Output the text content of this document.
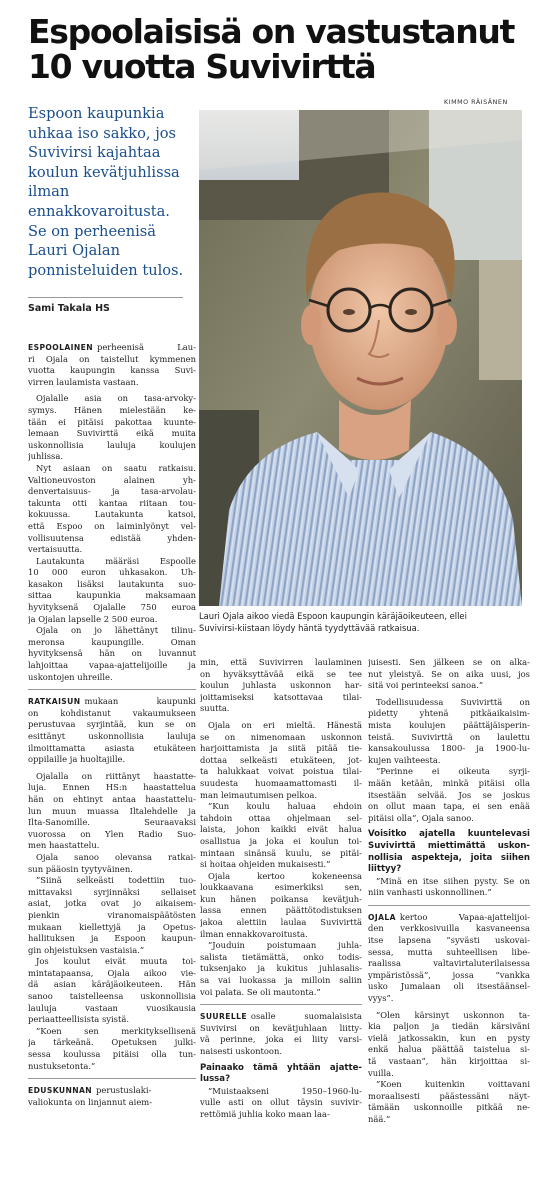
Espoolaisisä on vastustanut
10 vuotta Suvivirttä
KIMMO RÄISÄNEN
Espoon kaupunkia
uhkaa iso sakko, jos
Suvivirsi kajahtaa
koulun kevätjuhlissa
ilman
ennakkovaroitusta.
Se on perheenisä
Lauri Ojalan
ponnisteluiden tulos.
Sami Takala HS
Lauri Ojala aikoo viedä Espoon kaupungin käräjäoikeuteen, ellei
Suvivirsi-kiistaan löydy häntä tyydyttävää ratkaisua.
ESPOOLAINEN perheenisä Lau-
ri Ojala on taistellut kymmenen
vuotta kaupungin kanssa Suvi-
virren laulamista vastaan.
Ojalalle asia on tasa-arvoky-
symys. Hänen mielestään ke-
tään ei pitäisi pakottaa kuunte-
lemaan Suvivirttä eikä muita
uskonnollisia lauluja koulujen
juhlissa.
Nyt asiaan on saatu ratkaisu.
Valtioneuvoston alainen yh-
denvertaisuus- ja tasa-arvolau-
takunta otti kantaa riitaan tou-
kokuussa. Lautakunta katsoi,
että Espoo on laiminlyönyt vel-
vollisuutensa edistää yhden-
vertaisuutta.
Lautakunta määräsi Espoolle
10 000 euron uhkasakon. Uh-
kasakon lisäksi lautakunta suo-
sittaa kaupunkia maksamaan
hyvityksenä Ojalalle 750 euroa
ja Ojalan lapselle 2 500 euroa.
Ojala on jo lähettänyt tilinu-
meronsa kaupungille. Oman
hyvityksensä hän on luvannut
lahjoittaa vapaa-ajattelijoille ja
uskontojen uhreille.
RATKAISUN mukaan kaupunki
on kohdistanut vakaumukseen
perustuvaa syrjintää, kun se on
esittänyt uskonnollisia lauluja
ilmoittamatta asiasta etukäteen
oppilaille ja huoltajille.
Ojalalla on riittänyt haastatte-
luja. Ennen HS:n haastattelua
hän on ehtinyt antaa haastattelu-
lun muun muassa Iltalehdelle ja
Ilta-Sanomille. Seuraavaksi
vuorossa on Ylen Radio Suo-
men haastattelu.
Ojala sanoo olevansa ratkai-
sun pääosin tyytyväinen.
”Siinä selkeästi todettiin tuo-
mittavaksi syrjinnäksi sellaiset
asiat, jotka ovat jo aikaisem-
pienkin viranomaispäätösten
mukaan kiellettyjä ja Opetus-
hallituksen ja Espoon kaupun-
gin ohjeistuksen vastaisia.”
Jos koulut eivät muuta toi-
mintatapaansa, Ojala aikoo vie-
dä asian käräjäoikeuteen. Hän
sanoo taistelleensa uskonnollisia
lauluja vastaan vuosikausia
periaatteellisista syistä.
”Koen sen merkityksellisenä
ja tärkeänä. Opetuksen julki-
sessa koulussa pitäisi olla tun-
nustuksetonta.”
EDUSKUNNAN perustuslaki-
valiokunta on linjannut aiem-
min, että Suvivirren laulaminen
on hyväksyttävää eikä se tee
koulun juhlasta uskonnon har-
joittamiseksi katsottavaa tilai-
suutta.
Ojala on eri mieltä. Hänestä
se on nimenomaan uskonnon
harjoittamista ja siitä pitää tie-
dottaa selkeästi etukäteen, jot-
ta halukkaat voivat poistua tilai-
suudesta huomaamattomasti il-
man leimautumisen pelkoa.
”Kun koulu haluaa ehdoin
tahdoin ottaa ohjelmaan sel-
laista, johon kaikki eivät halua
osallistua ja joka ei koulun toi-
mintaan sinänsä kuulu, se pitäi-
si hoitaa ohjeiden mukaisesti.”
Ojala kertoo kokeneensa
loukkaavana esimerkiksi sen,
kun hänen poikansa kevätjuh-
lassa ennen päättötodistuksen
jakoa alettiin laulaa Suvivirttä
ilman ennakkovaroitusta.
”Jouduin poistumaan juhla-
salista tietämättä, onko todis-
tuksenjako ja kukitus juhlasalis-
sa vai luokassa ja milloin saliin
voi palata. Se oli mautonta.”
SUURELLE osalle suomalaisista
Suvivirsi on kevätjuhlaan liitty-
vä perinne, joka ei liity varsi-
naisesti uskontoon.
Painaako tämä yhtään ajatte-
lussa?
”Muistaakseni 1950–1960-lu-
vulle asti on ollut täysin suvivir-
rettömiä juhlia koko maan laa-
juisesti. Sen jälkeen se on alka-
nut yleistyä. Se on aika uusi, jos
sitä voi perinteeksi sanoa.”
Todellisuudessa Suvivirttä on
pidetty yhtenä pitkäaikaisim-
mista koulujen päättäjäisperin-
teistä. Suvivirttä on laulettu
kansakoulussa 1800- ja 1900-lu-
kujen vaihteesta.
”Perinne ei oikeuta syrji-
mään ketään, minkä pitäisi olla
itsestään selvää. Jos se joskus
on ollut maan tapa, ei sen enää
pitäisi olla”, Ojala sanoo.
Voisitko ajatella kuuntelevasi
Suvivirttä miettimättä uskon-
nollisia aspekteja, joita siihen
liittyy?
”Minä en itse siihen pysty. Se on
niin vanhasti uskonnollinen.”
OJALA kertoo Vapaa-ajattelijoi-
den verkkosivuilla kasvaneensa
itse lapsena ”syvästi uskovai-
sessa, mutta suhteellisen libe-
raalissa valtavirtaluterilaisessa
ympäristössä”, jossa ”vankka
usko Jumalaan oli itsestäänsel-
vyys”.
”Olen kärsinyt uskonnon ta-
kia paljon ja tiedän kärsiväni
vielä jatkossakin, kun en pysty
enkä halua päättää taistelua si-
tä vastaan”, hän kirjoittaa si-
vuilla.
”Koen kuitenkin voittavani
moraalisesti päästessäni näyt-
tämään uskonnoille pitkää ne-
nää.”
